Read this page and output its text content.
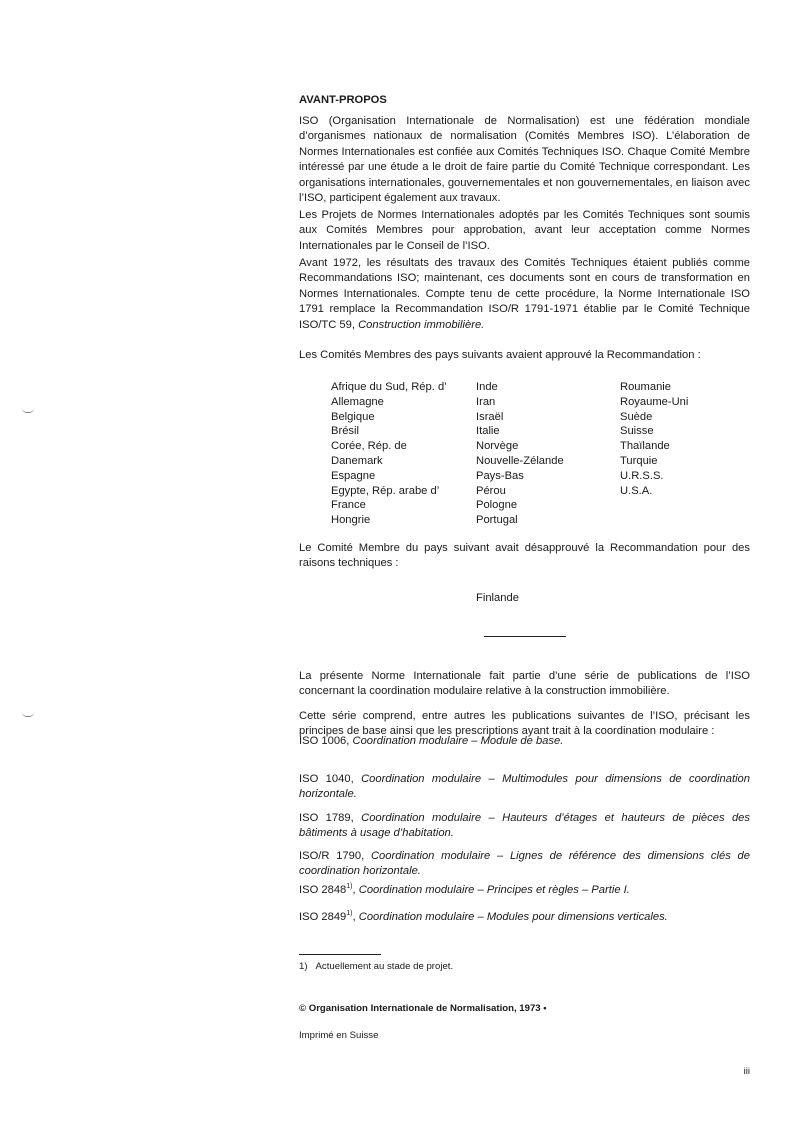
AVANT-PROPOS
ISO (Organisation Internationale de Normalisation) est une fédération mondiale d’organismes nationaux de normalisation (Comités Membres ISO). L’élaboration de Normes Internationales est confiée aux Comités Techniques ISO. Chaque Comité Membre intéressé par une étude a le droit de faire partie du Comité Technique correspondant. Les organisations internationales, gouvernementales et non gouvernementales, en liaison avec l’ISO, participent également aux travaux.
Les Projets de Normes Internationales adoptés par les Comités Techniques sont soumis aux Comités Membres pour approbation, avant leur acceptation comme Normes Internationales par le Conseil de l’ISO.
Avant 1972, les résultats des travaux des Comités Techniques étaient publiés comme Recommandations ISO; maintenant, ces documents sont en cours de transformation en Normes Internationales. Compte tenu de cette procédure, la Norme Internationale ISO 1791 remplace la Recommandation ISO/R 1791-1971 établie par le Comité Technique ISO/TC 59, Construction immobilière.
Les Comités Membres des pays suivants avaient approuvé la Recommandation :
Afrique du Sud, Rép. d’
Allemagne
Belgique
Brésil
Corée, Rép. de
Danemark
Espagne
Egypte, Rép. arabe d’
France
Hongrie
Inde
Iran
Israël
Italie
Norvège
Nouvelle-Zélande
Pays-Bas
Pérou
Pologne
Portugal
Roumanie
Royaume-Uni
Suède
Suisse
Thaïlande
Turquie
U.R.S.S.
U.S.A.
Le Comité Membre du pays suivant avait désapprouvé la Recommandation pour des raisons techniques :
Finlande
La présente Norme Internationale fait partie d’une série de publications de l’ISO concernant la coordination modulaire relative à la construction immobilière.
Cette série comprend, entre autres les publications suivantes de l’ISO, précisant les principes de base ainsi que les prescriptions ayant trait à la coordination modulaire :
ISO 1006, Coordination modulaire – Module de base.
ISO 1040, Coordination modulaire – Multimodules pour dimensions de coordination horizontale.
ISO 1789, Coordination modulaire – Hauteurs d’étages et hauteurs de pièces des bâtiments à usage d’habitation.
ISO/R 1790, Coordination modulaire – Lignes de référence des dimensions clés de coordination horizontale.
ISO 2848$^{1)}$, Coordination modulaire – Principes et règles – Partie I.
ISO 2849$^{1)}$, Coordination modulaire – Modules pour dimensions verticales.
1) Actuellement au stade de projet.
© Organisation Internationale de Normalisation, 1973 •
Imprimé en Suisse
iii
